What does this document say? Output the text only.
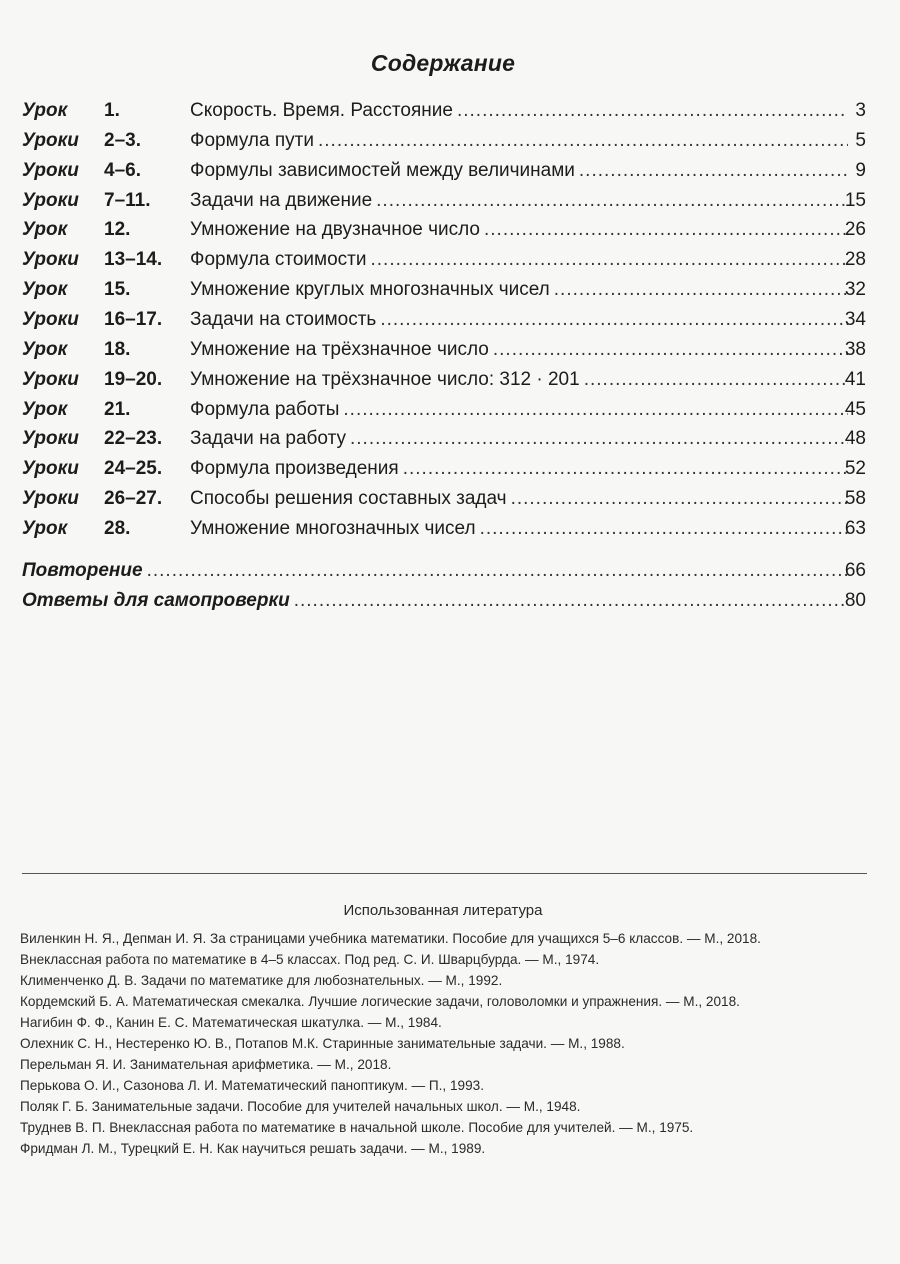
Содержание
Урок 1.	Скорость. Время. Расстояние .....	3
Уроки 2–3.	Формула пути .....	5
Уроки 4–6.	Формулы зависимостей между величинами .....	9
Уроки 7–11. Задачи на движение .....	15
Урок 12.	Умножение на двузначное число .....	26
Уроки 13–14. Формула стоимости .....	28
Урок 15.	Умножение круглых многозначных чисел .....	32
Уроки 16–17. Задачи на стоимость .....	34
Урок 18.	Умножение на трёхзначное число .....	38
Уроки 19–20. Умножение на трёхзначное число: 312 · 201 .....	41
Урок 21.	Формула работы .....	45
Уроки 22–23. Задачи на работу .....	48
Уроки 24–25. Формула произведения .....	52
Уроки 26–27. Способы решения составных задач .....	58
Урок 28.	Умножение многозначных чисел .....	63
Повторение .....	66
Ответы для самопроверки .....	80
Использованная литература
Виленкин Н. Я., Депман И. Я. За страницами учебника математики. Пособие для учащихся 5–6 классов. — М., 2018.
Внеклассная работа по математике в 4–5 классах. Под ред. С. И. Шварцбурда. — М., 1974.
Клименченко Д. В. Задачи по математике для любознательных. — М., 1992.
Кордемский Б. А. Математическая смекалка. Лучшие логические задачи, головоломки и упражнения. — М., 2018.
Нагибин Ф. Ф., Канин Е. С. Математическая шкатулка. — М., 1984.
Олехник С. Н., Нестеренко Ю. В., Потапов М.К. Старинные занимательные задачи. — М., 1988.
Перельман Я. И. Занимательная арифметика. — М., 2018.
Перькова О. И., Сазонова Л. И. Математический паноптикум. — П., 1993.
Поляк Г. Б. Занимательные задачи. Пособие для учителей начальных школ. — М., 1948.
Труднев В. П. Внеклассная работа по математике в начальной школе. Пособие для учителей. — М., 1975.
Фридман Л. М., Турецкий Е. Н. Как научиться решать задачи. — М., 1989.
